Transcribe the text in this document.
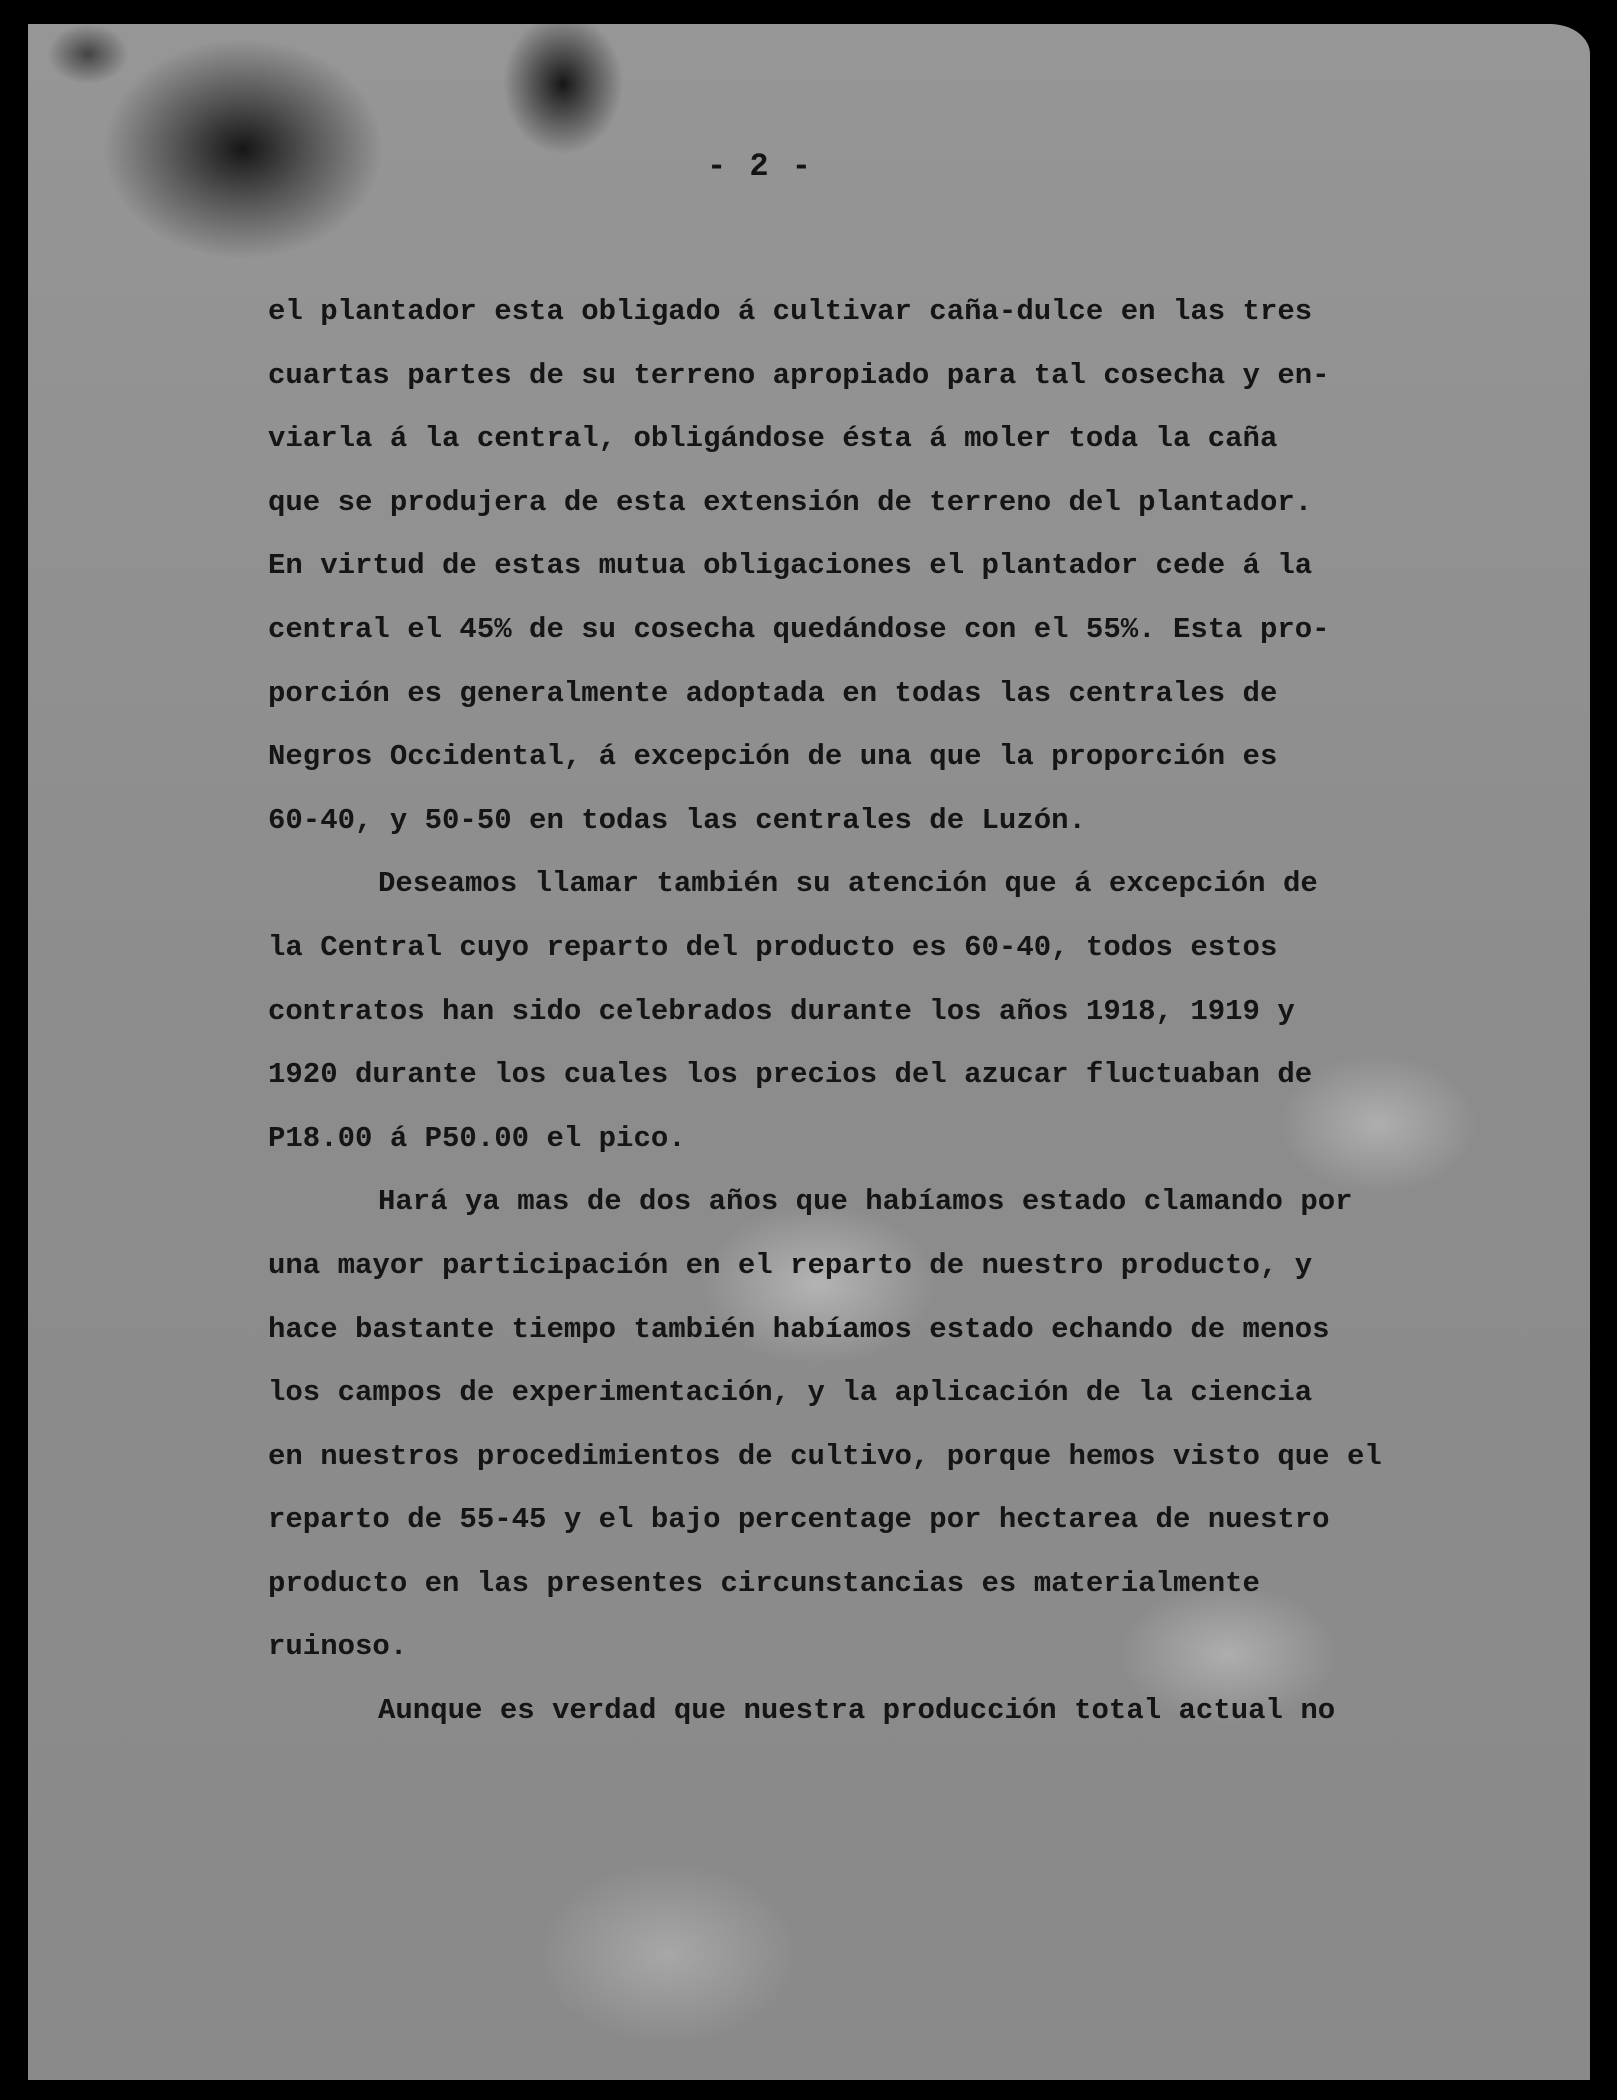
- 2 -

el plantador esta obligado á cultivar caña-dulce en las tres

cuartas partes de su terreno apropiado para tal cosecha y en-

viarla á la central, obligándose ésta á moler toda la caña

que se produjera de esta extensión de terreno del plantador.

En virtud de estas mutua obligaciones el plantador cede á la

central el 45% de su cosecha quedándose con el 55%. Esta pro-

porción es generalmente adoptada en todas las centrales de

Negros Occidental, á excepción de una que la proporción es

60-40, y 50-50 en todas las centrales de Luzón.

Deseamos llamar también su atención que á excepción de

la Central cuyo reparto del producto es 60-40, todos estos

contratos han sido celebrados durante los años 1918, 1919 y

1920 durante los cuales los precios del azucar fluctuaban de

P18.00 á P50.00 el pico.

Hará ya mas de dos años que habíamos estado clamando por

una mayor participación en el reparto de nuestro producto, y

hace bastante tiempo también habíamos estado echando de menos

los campos de experimentación, y la aplicación de la ciencia

en nuestros procedimientos de cultivo, porque hemos visto que el

reparto de 55-45 y el bajo percentage por hectarea de nuestro

producto en las presentes circunstancias es materialmente

ruinoso.

Aunque es verdad que nuestra producción total actual no
